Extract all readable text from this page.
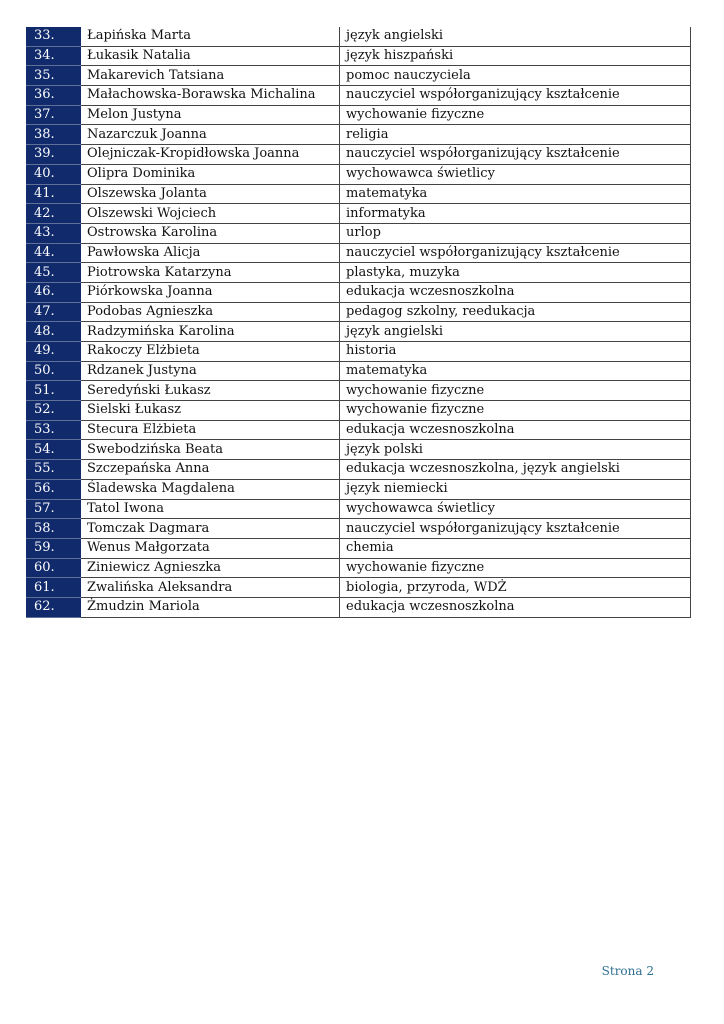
33.	Łapińska Marta	język angielski
34.	Łukasik Natalia	język hiszpański
35.	Makarevich Tatsiana	pomoc nauczyciela
36.	Małachowska-Borawska Michalina	nauczyciel współorganizujący kształcenie
37.	Melon Justyna	wychowanie fizyczne
38.	Nazarczuk Joanna	religia
39.	Olejniczak-Kropidłowska Joanna	nauczyciel współorganizujący kształcenie
40.	Olipra Dominika	wychowawca świetlicy
41.	Olszewska Jolanta	matematyka
42.	Olszewski Wojciech	informatyka
43.	Ostrowska Karolina	urlop
44.	Pawłowska Alicja	nauczyciel współorganizujący kształcenie
45.	Piotrowska Katarzyna	plastyka, muzyka
46.	Piórkowska Joanna	edukacja wczesnoszkolna
47.	Podobas Agnieszka	pedagog szkolny, reedukacja
48.	Radzymińska Karolina	język angielski
49.	Rakoczy Elżbieta	historia
50.	Rdzanek Justyna	matematyka
51.	Seredyński Łukasz	wychowanie fizyczne
52.	Sielski Łukasz	wychowanie fizyczne
53.	Stecura Elżbieta	edukacja wczesnoszkolna
54.	Swebodzińska Beata	język polski
55.	Szczepańska Anna	edukacja wczesnoszkolna, język angielski
56.	Śladewska Magdalena	język niemiecki
57.	Tatol Iwona	wychowawca świetlicy
58.	Tomczak Dagmara	nauczyciel współorganizujący kształcenie
59.	Wenus Małgorzata	chemia
60.	Ziniewicz Agnieszka	wychowanie fizyczne
61.	Zwalińska Aleksandra	biologia, przyroda, WDŻ
62.	Żmudzin Mariola	edukacja wczesnoszkolna
Strona 2
